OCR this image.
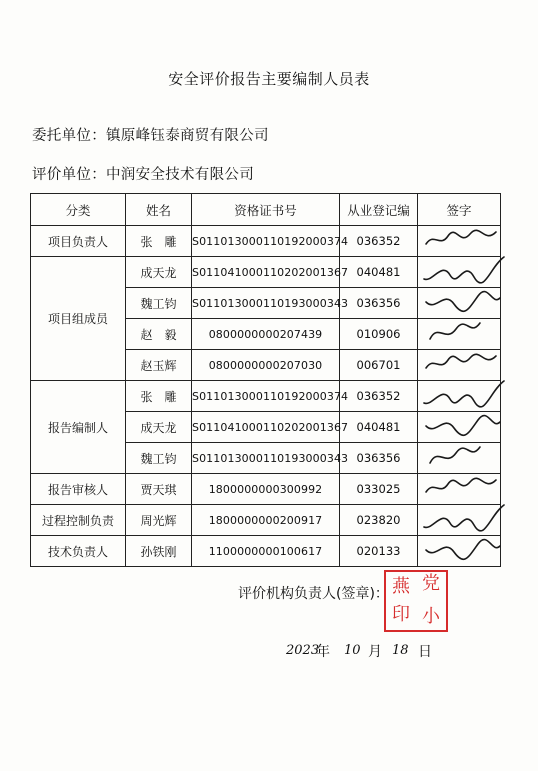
安全评价报告主要编制人员表
委托单位：镇原峰钰泰商贸有限公司
评价单位：中润安全技术有限公司
分类	姓名	资格证书号	从业登记编	签字
项目负责人	张　雕	S011013000110192000374	036352	

项目组成员	成天龙	S011041000110202001367	040481	

	魏工钧	S011013000110193000343	036356	

	赵　毅	0800000000207439	010906	

	赵玉辉	0800000000207030	006701	

报告编制人	张　雕	S011013000110192000374	036352	

	成天龙	S011041000110202001367	040481	

	魏工钧	S011013000110193000343	036356	

报告审核人	贾天琪	1800000000300992	033025	

过程控制负责	周光辉	1800000000200917	023820	

技术负责人	孙铁刚	1100000000100617	020133	
评价机构负责人(签章)： 燕 党
印 小
2023
年 10 月 18 日
